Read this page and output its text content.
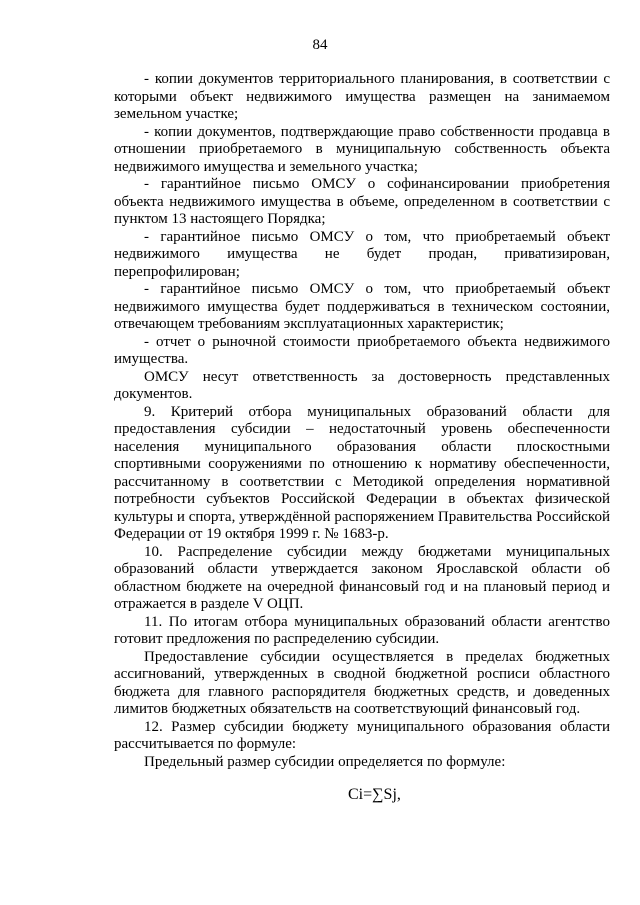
84

- копии документов территориального планирования, в соответствии с которыми объект недвижимого имущества размещен на занимаемом земельном участке;

- копии документов, подтверждающие право собственности продавца в отношении приобретаемого в муниципальную собственность объекта недвижимого имущества и земельного участка;

- гарантийное письмо ОМСУ о софинансировании приобретения объекта недвижимого имущества в объеме, определенном в соответствии с пунктом 13 настоящего Порядка;

- гарантийное письмо ОМСУ о том, что приобретаемый объект недвижимого имущества не будет продан, приватизирован, перепрофилирован;

- гарантийное письмо ОМСУ о том, что приобретаемый объект недвижимого имущества будет поддерживаться в техническом состоянии, отвечающем требованиям эксплуатационных характеристик;

- отчет о рыночной стоимости приобретаемого объекта недвижимого имущества.

ОМСУ несут ответственность за достоверность представленных документов.

9. Критерий отбора муниципальных образований области для предоставления субсидии – недостаточный уровень обеспеченности населения муниципального образования области плоскостными спортивными сооружениями по отношению к нормативу обеспеченности, рассчитанному в соответствии с Методикой определения нормативной потребности субъектов Российской Федерации в объектах физической культуры и спорта, утверждённой распоряжением Правительства Российской Федерации от 19 октября 1999 г. № 1683-р.

10. Распределение субсидии между бюджетами муниципальных образований области утверждается законом Ярославской области об областном бюджете на очередной финансовый год и на плановый период и отражается в разделе V ОЦП.

11. По итогам отбора муниципальных образований области агентство готовит предложения по распределению субсидии.

Предоставление субсидии осуществляется в пределах бюджетных ассигнований, утвержденных в сводной бюджетной росписи областного бюджета для главного распорядителя бюджетных средств, и доведенных лимитов бюджетных обязательств на соответствующий финансовый год.

12. Размер субсидии бюджету муниципального образования области рассчитывается по формуле:

Предельный размер субсидии определяется по формуле:

Ci=∑Sj,
